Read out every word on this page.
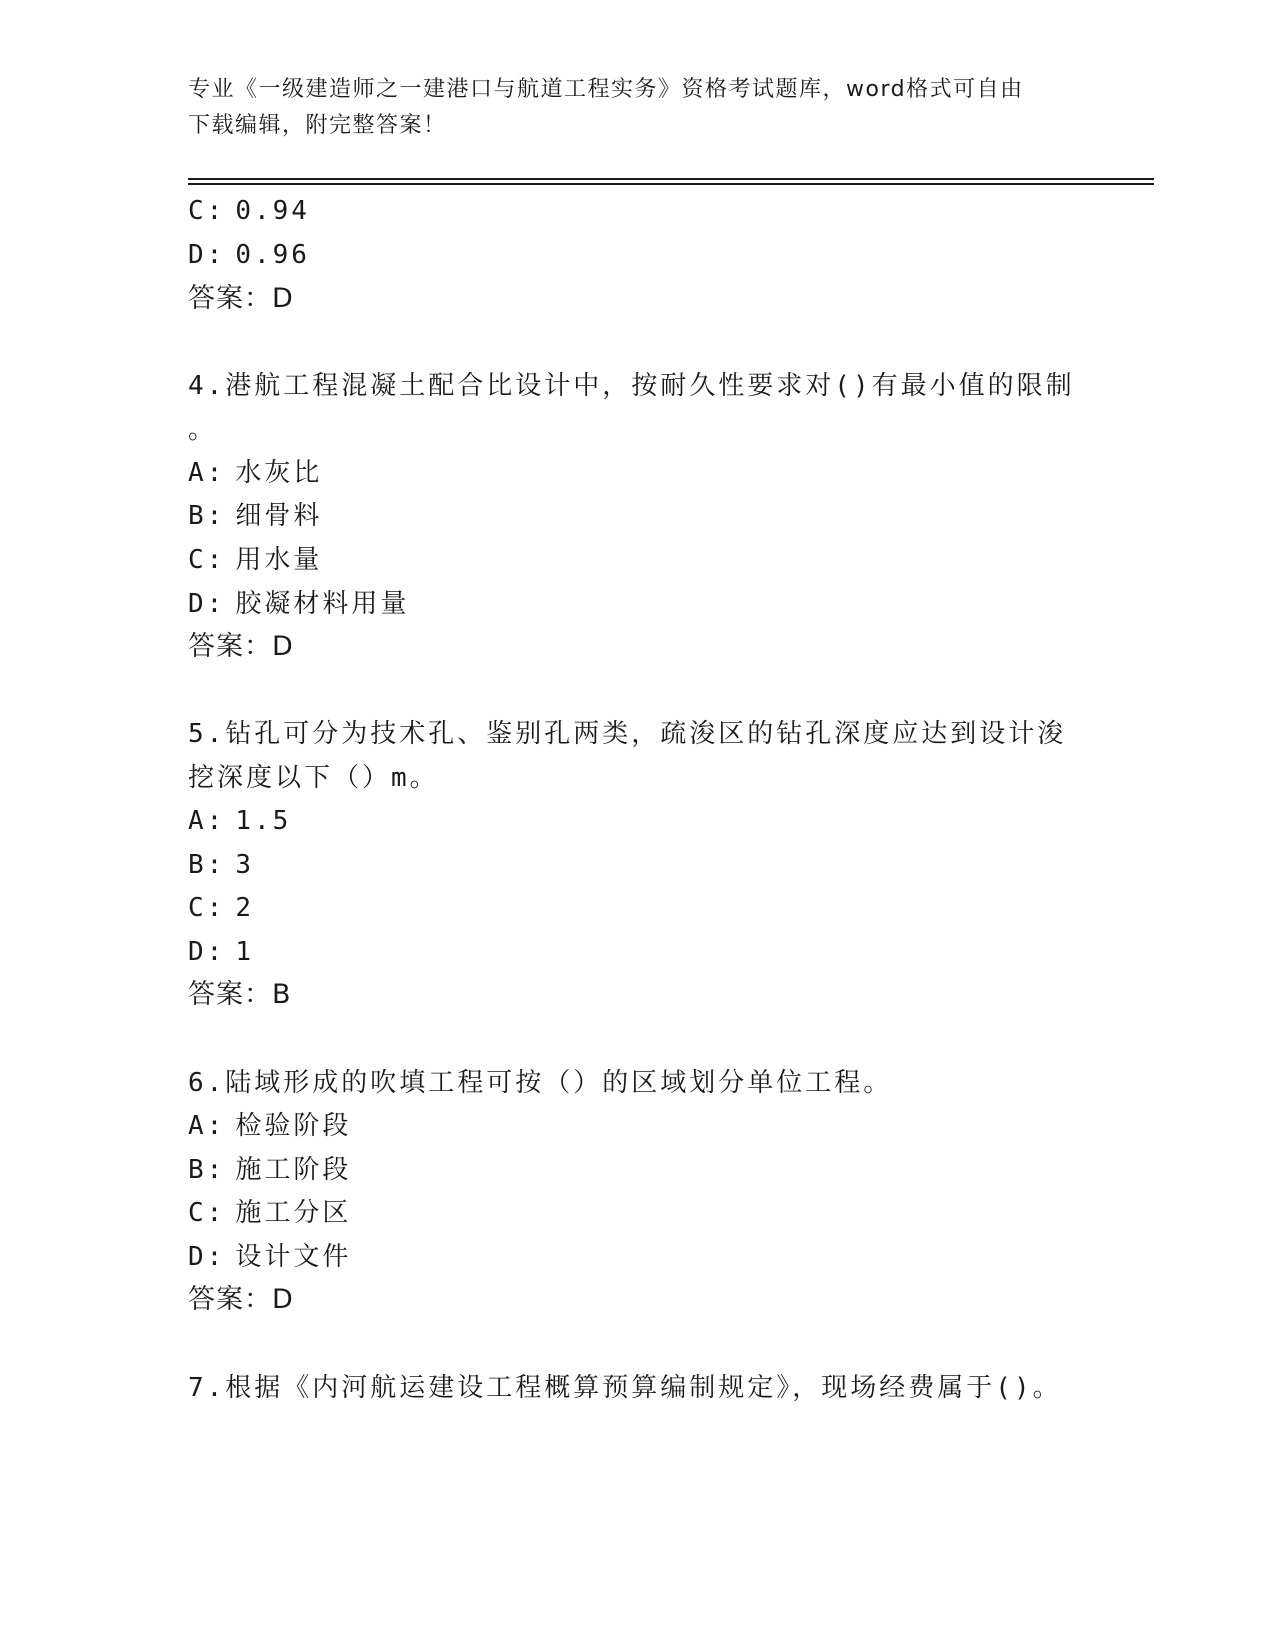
专业《一级建造师之一建港口与航道工程实务》资格考试题库，word格式可自由
下载编辑，附完整答案！
C: 0.94
D: 0.96
答案：D
4.港航工程混凝土配合比设计中，按耐久性要求对()有最小值的限制
。
A: 水灰比
B: 细骨料
C: 用水量
D: 胶凝材料用量
答案：D
5.钻孔可分为技术孔、鉴别孔两类，疏浚区的钻孔深度应达到设计浚
挖深度以下（）m。
A: 1.5
B: 3
C: 2
D: 1
答案：B
6.陆域形成的吹填工程可按（）的区域划分单位工程。
A: 检验阶段
B: 施工阶段
C: 施工分区
D: 设计文件
答案：D
7.根据《内河航运建设工程概算预算编制规定》，现场经费属于()。
